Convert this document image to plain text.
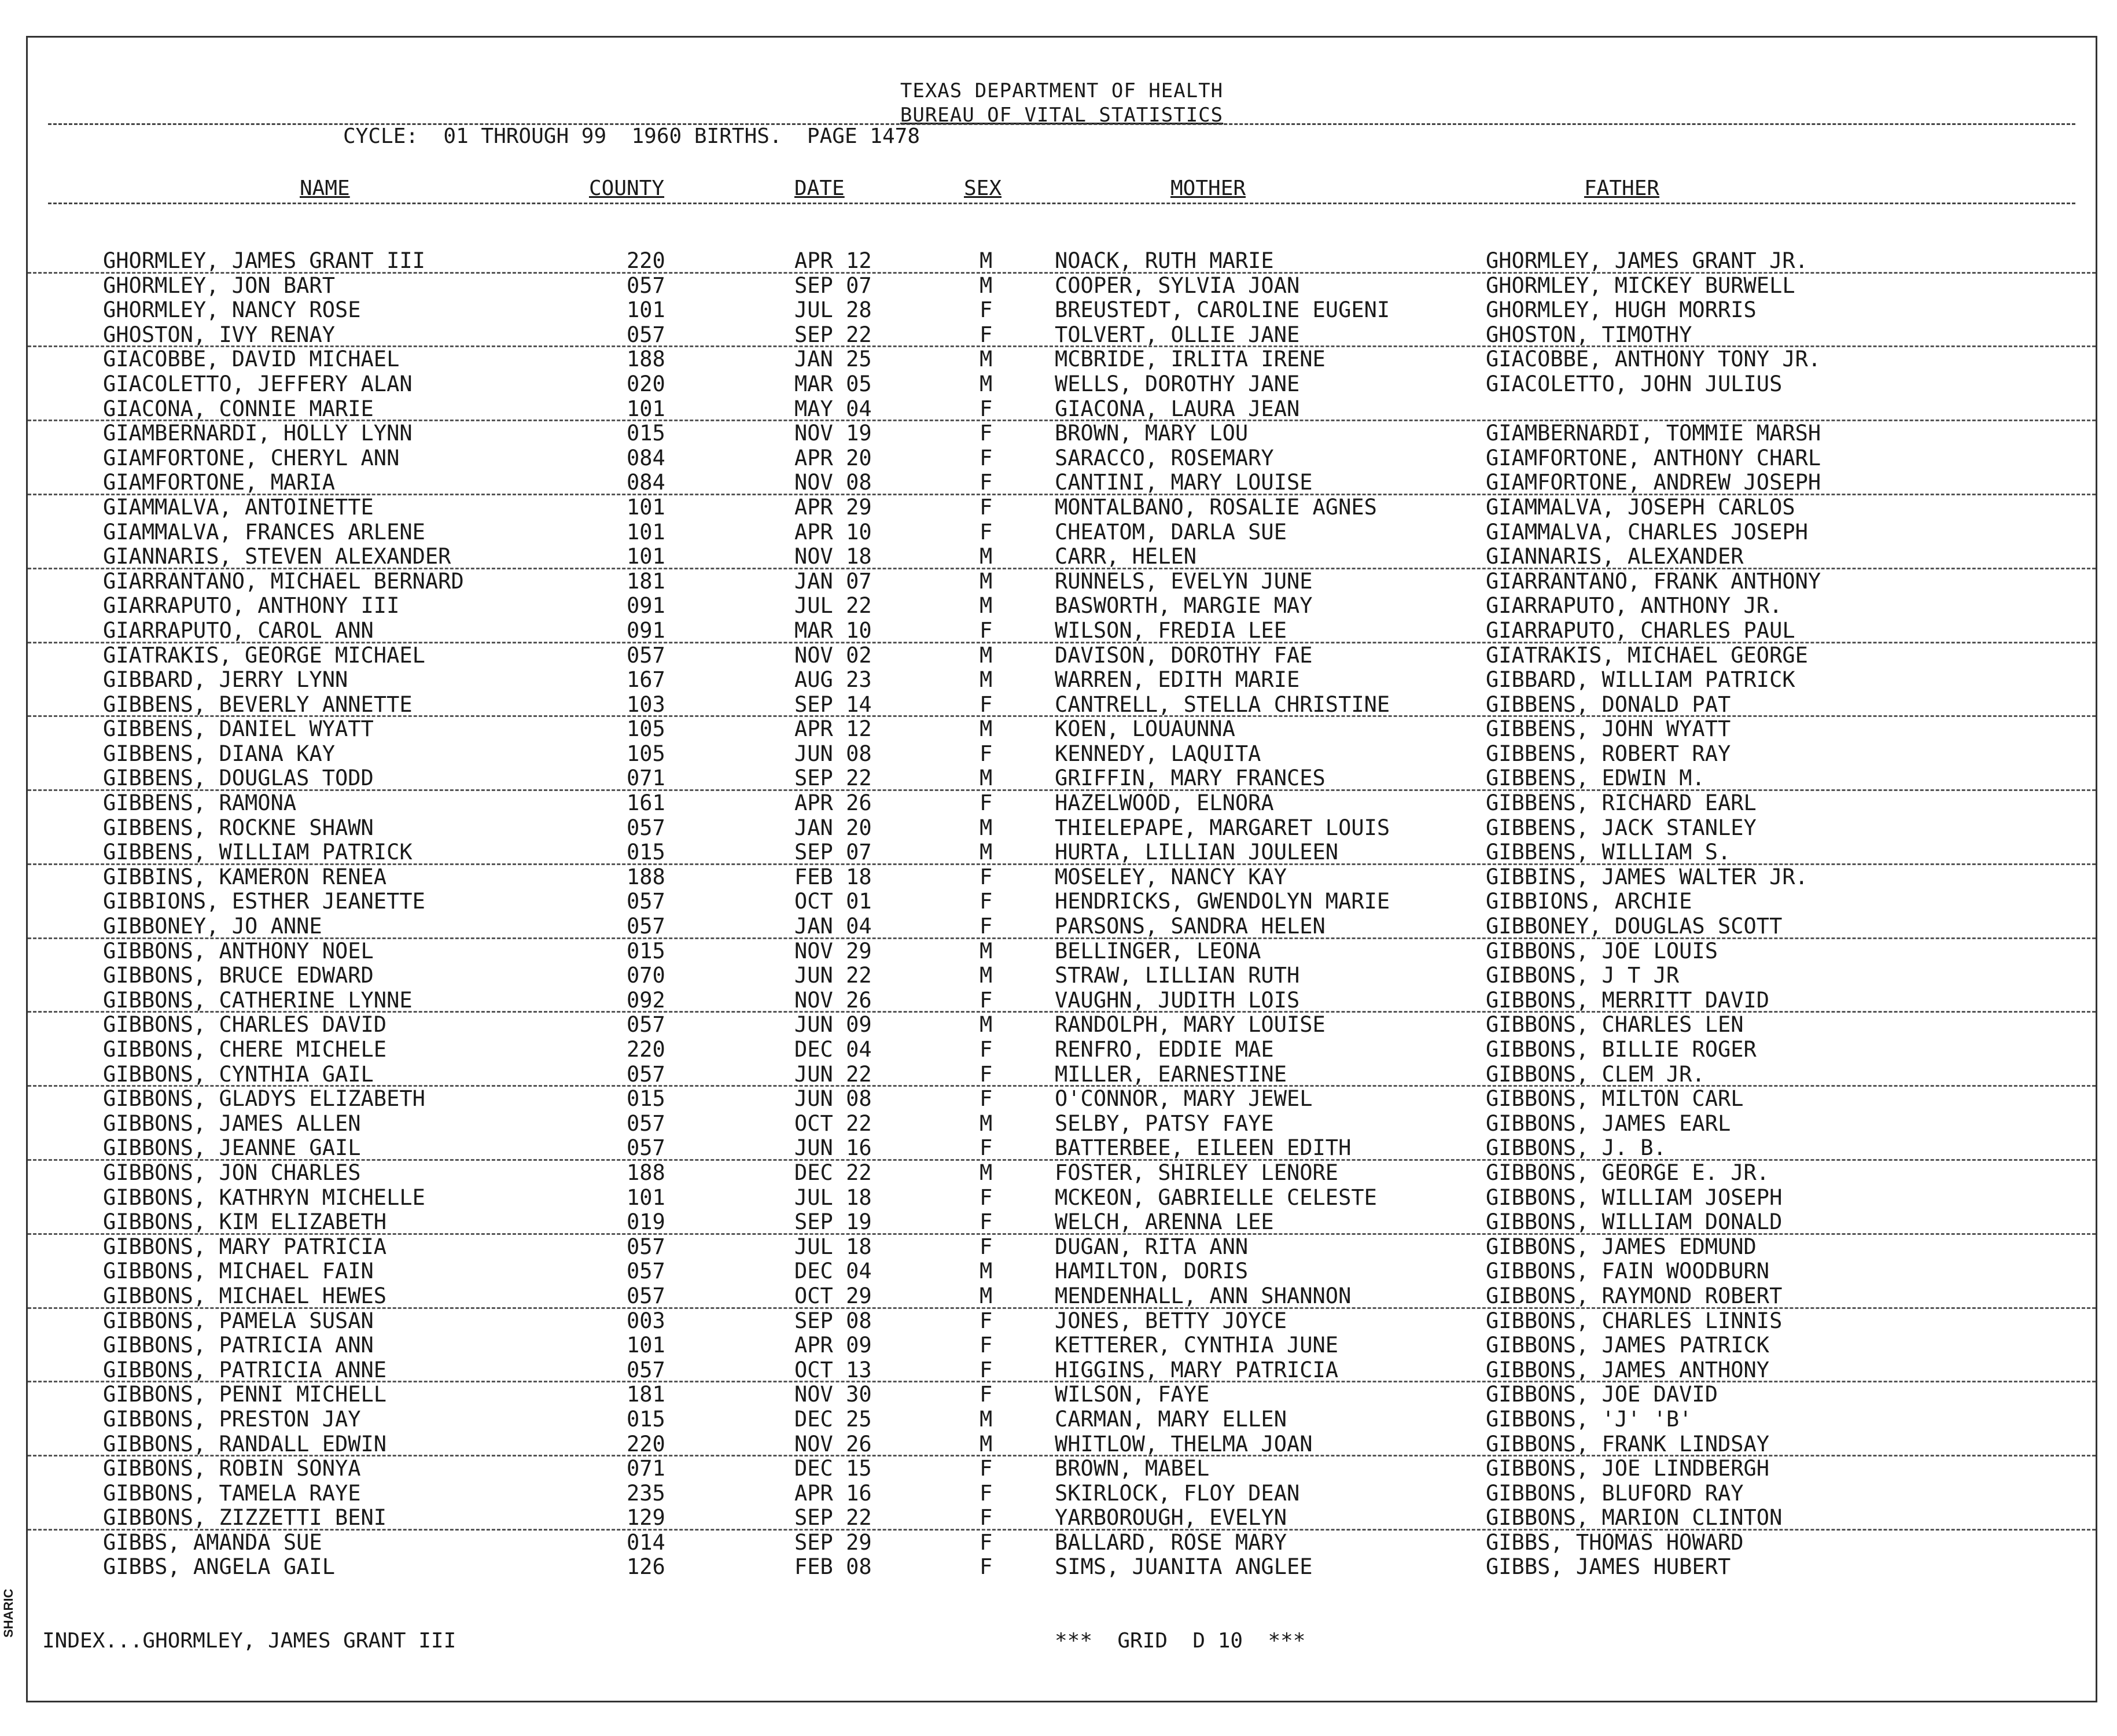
TEXAS DEPARTMENT OF HEALTH
BUREAU OF VITAL STATISTICS
CYCLE:  01 THROUGH 99  1960 BIRTHS.  PAGE 1478
NAME	COUNTY	DATE	SEX	MOTHER	FATHER
GHORMLEY, JAMES GRANT III	220	APR 12	M	NOACK, RUTH MARIE	GHORMLEY, JAMES GRANT JR.
GHORMLEY, JON BART	057	SEP 07	M	COOPER, SYLVIA JOAN	GHORMLEY, MICKEY BURWELL
GHORMLEY, NANCY ROSE	101	JUL 28	F	BREUSTEDT, CAROLINE EUGENI	GHORMLEY, HUGH MORRIS
GHOSTON, IVY RENAY	057	SEP 22	F	TOLVERT, OLLIE JANE	GHOSTON, TIMOTHY
GIACOBBE, DAVID MICHAEL	188	JAN 25	M	MCBRIDE, IRLITA IRENE	GIACOBBE, ANTHONY TONY JR.
GIACOLETTO, JEFFERY ALAN	020	MAR 05	M	WELLS, DOROTHY JANE	GIACOLETTO, JOHN JULIUS
GIACONA, CONNIE MARIE	101	MAY 04	F	GIACONA, LAURA JEAN
GIAMBERNARDI, HOLLY LYNN	015	NOV 19	F	BROWN, MARY LOU	GIAMBERNARDI, TOMMIE MARSH
GIAMFORTONE, CHERYL ANN	084	APR 20	F	SARACCO, ROSEMARY	GIAMFORTONE, ANTHONY CHARL
GIAMFORTONE, MARIA	084	NOV 08	F	CANTINI, MARY LOUISE	GIAMFORTONE, ANDREW JOSEPH
GIAMMALVA, ANTOINETTE	101	APR 29	F	MONTALBANO, ROSALIE AGNES	GIAMMALVA, JOSEPH CARLOS
GIAMMALVA, FRANCES ARLENE	101	APR 10	F	CHEATOM, DARLA SUE	GIAMMALVA, CHARLES JOSEPH
GIANNARIS, STEVEN ALEXANDER	101	NOV 18	M	CARR, HELEN	GIANNARIS, ALEXANDER
GIARRANTANO, MICHAEL BERNARD	181	JAN 07	M	RUNNELS, EVELYN JUNE	GIARRANTANO, FRANK ANTHONY
GIARRAPUTO, ANTHONY III	091	JUL 22	M	BASWORTH, MARGIE MAY	GIARRAPUTO, ANTHONY JR.
GIARRAPUTO, CAROL ANN	091	MAR 10	F	WILSON, FREDIA LEE	GIARRAPUTO, CHARLES PAUL
GIATRAKIS, GEORGE MICHAEL	057	NOV 02	M	DAVISON, DOROTHY FAE	GIATRAKIS, MICHAEL GEORGE
GIBBARD, JERRY LYNN	167	AUG 23	M	WARREN, EDITH MARIE	GIBBARD, WILLIAM PATRICK
GIBBENS, BEVERLY ANNETTE	103	SEP 14	F	CANTRELL, STELLA CHRISTINE	GIBBENS, DONALD PAT
GIBBENS, DANIEL WYATT	105	APR 12	M	KOEN, LOUAUNNA	GIBBENS, JOHN WYATT
GIBBENS, DIANA KAY	105	JUN 08	F	KENNEDY, LAQUITA	GIBBENS, ROBERT RAY
GIBBENS, DOUGLAS TODD	071	SEP 22	M	GRIFFIN, MARY FRANCES	GIBBENS, EDWIN M.
GIBBENS, RAMONA	161	APR 26	F	HAZELWOOD, ELNORA	GIBBENS, RICHARD EARL
GIBBENS, ROCKNE SHAWN	057	JAN 20	M	THIELEPAPE, MARGARET LOUIS	GIBBENS, JACK STANLEY
GIBBENS, WILLIAM PATRICK	015	SEP 07	M	HURTA, LILLIAN JOULEEN	GIBBENS, WILLIAM S.
GIBBINS, KAMERON RENEA	188	FEB 18	F	MOSELEY, NANCY KAY	GIBBINS, JAMES WALTER JR.
GIBBIONS, ESTHER JEANETTE	057	OCT 01	F	HENDRICKS, GWENDOLYN MARIE	GIBBIONS, ARCHIE
GIBBONEY, JO ANNE	057	JAN 04	F	PARSONS, SANDRA HELEN	GIBBONEY, DOUGLAS SCOTT
GIBBONS, ANTHONY NOEL	015	NOV 29	M	BELLINGER, LEONA	GIBBONS, JOE LOUIS
GIBBONS, BRUCE EDWARD	070	JUN 22	M	STRAW, LILLIAN RUTH	GIBBONS, J T JR
GIBBONS, CATHERINE LYNNE	092	NOV 26	F	VAUGHN, JUDITH LOIS	GIBBONS, MERRITT DAVID
GIBBONS, CHARLES DAVID	057	JUN 09	M	RANDOLPH, MARY LOUISE	GIBBONS, CHARLES LEN
GIBBONS, CHERE MICHELE	220	DEC 04	F	RENFRO, EDDIE MAE	GIBBONS, BILLIE ROGER
GIBBONS, CYNTHIA GAIL	057	JUN 22	F	MILLER, EARNESTINE	GIBBONS, CLEM JR.
GIBBONS, GLADYS ELIZABETH	015	JUN 08	F	O'CONNOR, MARY JEWEL	GIBBONS, MILTON CARL
GIBBONS, JAMES ALLEN	057	OCT 22	M	SELBY, PATSY FAYE	GIBBONS, JAMES EARL
GIBBONS, JEANNE GAIL	057	JUN 16	F	BATTERBEE, EILEEN EDITH	GIBBONS, J. B.
GIBBONS, JON CHARLES	188	DEC 22	M	FOSTER, SHIRLEY LENORE	GIBBONS, GEORGE E. JR.
GIBBONS, KATHRYN MICHELLE	101	JUL 18	F	MCKEON, GABRIELLE CELESTE	GIBBONS, WILLIAM JOSEPH
GIBBONS, KIM ELIZABETH	019	SEP 19	F	WELCH, ARENNA LEE	GIBBONS, WILLIAM DONALD
GIBBONS, MARY PATRICIA	057	JUL 18	F	DUGAN, RITA ANN	GIBBONS, JAMES EDMUND
GIBBONS, MICHAEL FAIN	057	DEC 04	M	HAMILTON, DORIS	GIBBONS, FAIN WOODBURN
GIBBONS, MICHAEL HEWES	057	OCT 29	M	MENDENHALL, ANN SHANNON	GIBBONS, RAYMOND ROBERT
GIBBONS, PAMELA SUSAN	003	SEP 08	F	JONES, BETTY JOYCE	GIBBONS, CHARLES LINNIS
GIBBONS, PATRICIA ANN	101	APR 09	F	KETTERER, CYNTHIA JUNE	GIBBONS, JAMES PATRICK
GIBBONS, PATRICIA ANNE	057	OCT 13	F	HIGGINS, MARY PATRICIA	GIBBONS, JAMES ANTHONY
GIBBONS, PENNI MICHELL	181	NOV 30	F	WILSON, FAYE	GIBBONS, JOE DAVID
GIBBONS, PRESTON JAY	015	DEC 25	M	CARMAN, MARY ELLEN	GIBBONS, 'J' 'B'
GIBBONS, RANDALL EDWIN	220	NOV 26	M	WHITLOW, THELMA JOAN	GIBBONS, FRANK LINDSAY
GIBBONS, ROBIN SONYA	071	DEC 15	F	BROWN, MABEL	GIBBONS, JOE LINDBERGH
GIBBONS, TAMELA RAYE	235	APR 16	F	SKIRLOCK, FLOY DEAN	GIBBONS, BLUFORD RAY
GIBBONS, ZIZZETTI BENI	129	SEP 22	F	YARBOROUGH, EVELYN	GIBBONS, MARION CLINTON
GIBBS, AMANDA SUE	014	SEP 29	F	BALLARD, ROSE MARY	GIBBS, THOMAS HOWARD
GIBBS, ANGELA GAIL	126	FEB 08	F	SIMS, JUANITA ANGLEE	GIBBS, JAMES HUBERT
INDEX...GHORMLEY, JAMES GRANT III	***  GRID  D 10  ***
SHARIC
